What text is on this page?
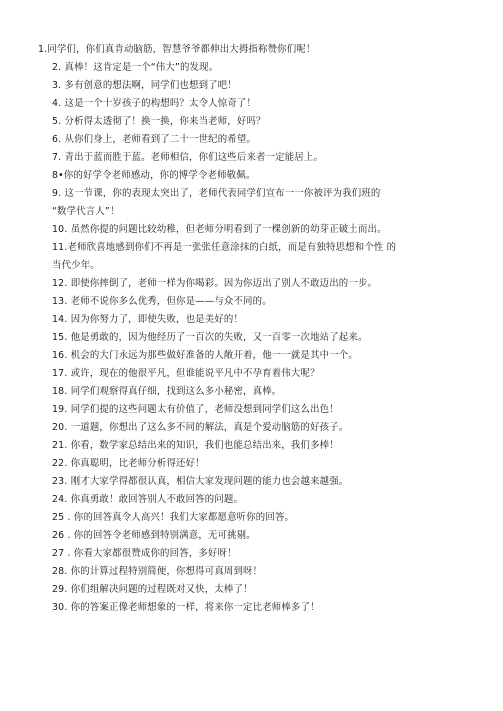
1.同学们，你们真肯动脑筋，智慧爷爷都伸出大拇指称赞你们呢！
2. 真棒！这肯定是一个“伟大”的发现。
3. 多有创意的想法啊，同学们也想到了吧！
4. 这是一个十岁孩子的构想吗？太令人惊奇了！
5. 分析得太透彻了！换一换，你来当老师，好吗？
6. 从你们身上，老师看到了二十一世纪的希望。
7. 青出于蓝而胜于蓝。老师相信，你们这些后来者一定能居上。
8•你的好学令老师感动，你的博学令老师敬佩。
9. 这一节课，你的表现太突出了，老师代表同学们宣布一一你被评为我们班的
“数学代言人”！
10. 虽然你提的问题比较幼稚，但老师分明看到了一棵创新的幼芽正破土而出。
11.老师欣喜地感到你们不再是一张张任意涂抹的白纸，而是有独特思想和个性 的
当代少年。
12. 即使你摔倒了，老师一样为你喝彩。因为你迈出了别人不敢迈出的一步。
13. 老师不说你多么优秀，但你是——与众不同的。
14. 因为你努力了，即使失败，也是美好的！
15. 他是勇敢的，因为他经历了一百次的失败，又一百零一次地站了起来。
16. 机会的大门永远为那些做好准备的人敞开着，他一一就是其中一个。
17. 或许，现在的他很平凡，但谁能说平凡中不孕育着伟大呢？
18. 同学们观察得真仔细，找到这么多小秘密，真棒。
19. 同学们提的这些问题太有价值了，老师没想到同学们这么出色！
20. 一道题，你想出了这么多不同的解法，真是个爱动脑筋的好孩子。
21. 你看，数学家总结出来的知识，我们也能总结出来，我们多棒！
22. 你真聪明，比老师分析得还好！
23. 刚才大家学得都很认真，相信大家发现问题的能力也会越来越强。
24. 你真勇敢！敢回答别人不敢回答的问题。
25 . 你的回答真令人高兴！我们大家都愿意听你的回答。
26 . 你的回答令老师感到特别满意，无可挑剔。
27 . 你看大家都很赞成你的回答，多好呀！
28. 你的计算过程特别简便，你想得可真周到呀！
29. 你们组解决问题的过程既对又快，太棒了！
30. 你的答案正像老师想象的一样，将来你一定比老师棒多了！
